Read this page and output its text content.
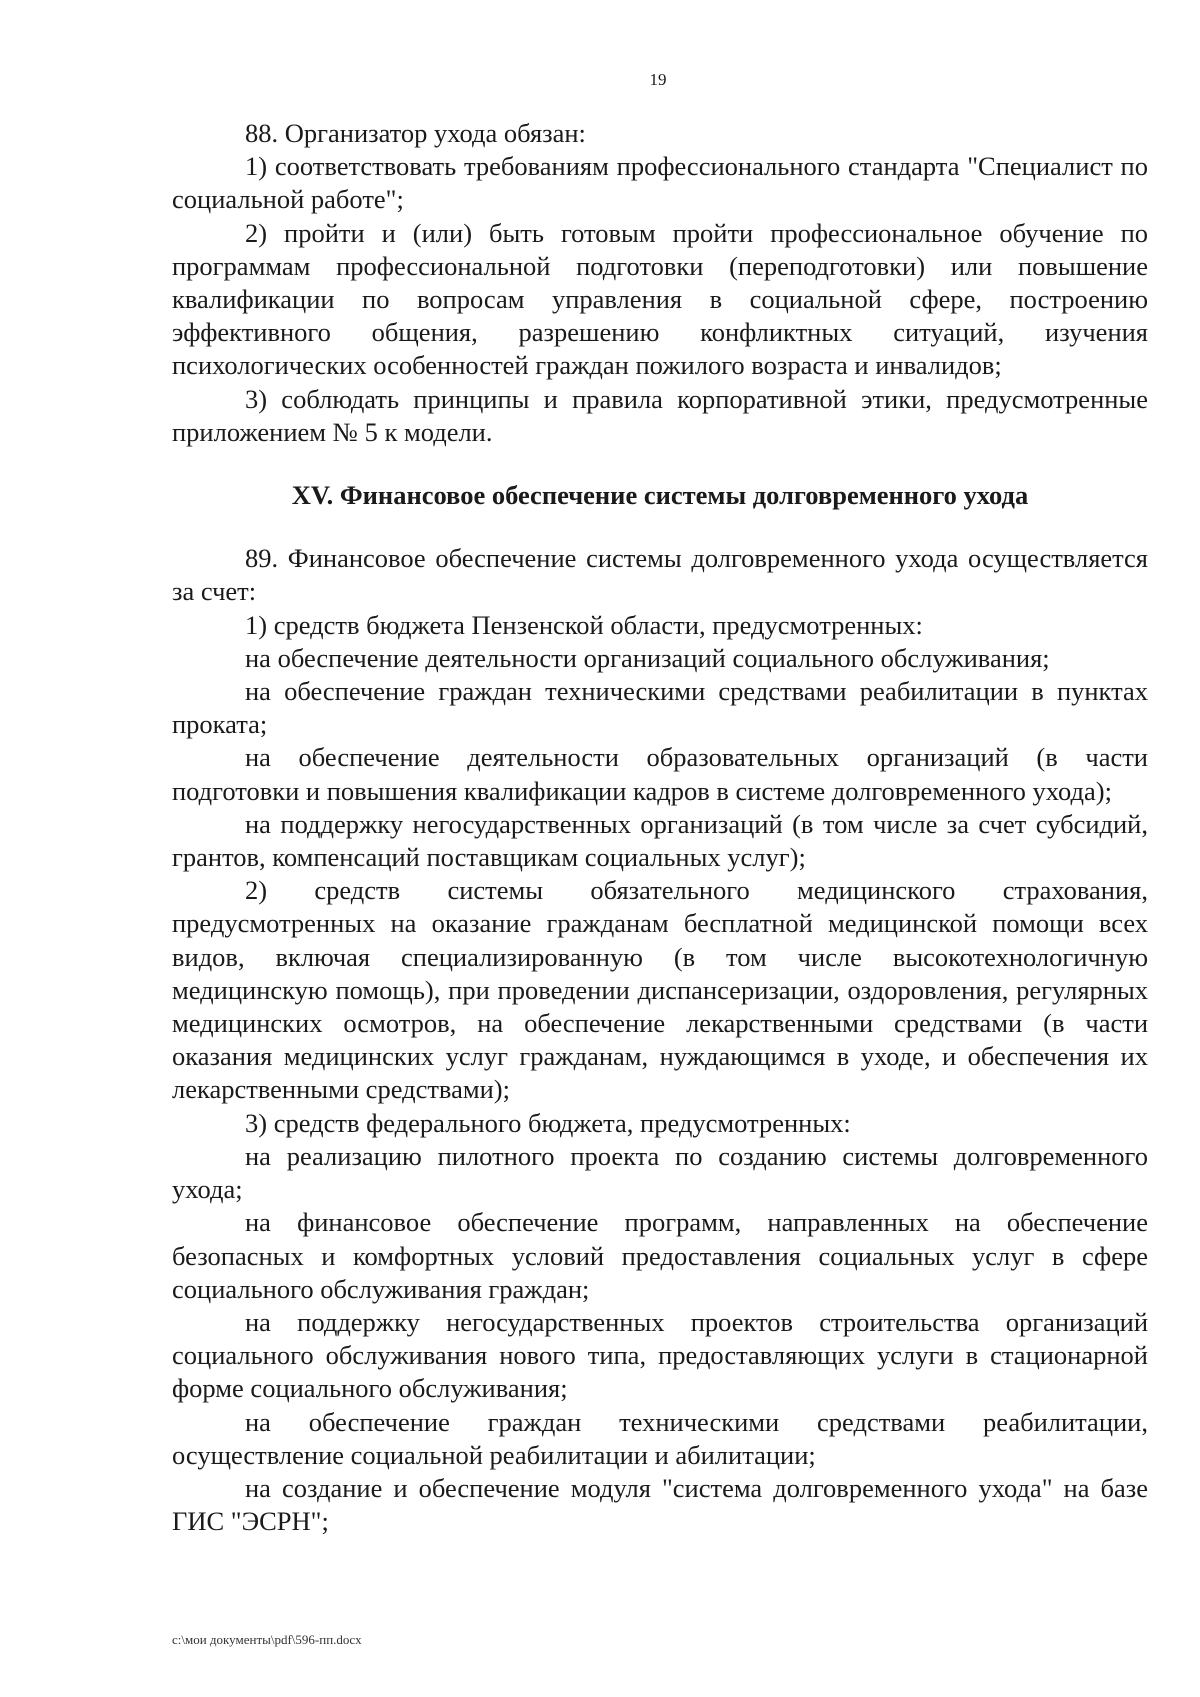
19

88. Организатор ухода обязан:

1) соответствовать требованиям профессионального стандарта "Специалист по социальной работе";

2) пройти и (или) быть готовым пройти профессиональное обучение по программам профессиональной подготовки (переподготовки) или повышение квалификации по вопросам управления в социальной сфере, построению эффективного общения, разрешению конфликтных ситуаций, изучения психологических особенностей граждан пожилого возраста и инвалидов;

3) соблюдать принципы и правила корпоративной этики, предусмотренные приложением № 5 к модели.

XV. Финансовое обеспечение системы долговременного ухода

89. Финансовое обеспечение системы долговременного ухода осуществляется за счет:

1) средств бюджета Пензенской области, предусмотренных:

на обеспечение деятельности организаций социального обслуживания;

на обеспечение граждан техническими средствами реабилитации в пунктах проката;

на обеспечение деятельности образовательных организаций (в части подготовки и повышения квалификации кадров в системе долговременного ухода);

на поддержку негосударственных организаций (в том числе за счет субсидий, грантов, компенсаций поставщикам социальных услуг);

2) средств системы обязательного медицинского страхования, предусмотренных на оказание гражданам бесплатной медицинской помощи всех видов, включая специализированную (в том числе высокотехнологичную медицинскую помощь), при проведении диспансеризации, оздоровления, регулярных медицинских осмотров, на обеспечение лекарственными средствами (в части оказания медицинских услуг гражданам, нуждающимся в уходе, и обеспечения их лекарственными средствами);

3) средств федерального бюджета, предусмотренных:

на реализацию пилотного проекта по созданию системы долговременного ухода;

на финансовое обеспечение программ, направленных на обеспечение безопасных и комфортных условий предоставления социальных услуг в сфере социального обслуживания граждан;

на поддержку негосударственных проектов строительства организаций социального обслуживания нового типа, предоставляющих услуги в стационарной форме социального обслуживания;

на обеспечение граждан техническими средствами реабилитации, осуществление социальной реабилитации и абилитации;

на создание и обеспечение модуля "система долговременного ухода" на базе ГИС "ЭСРН";

c:\мои документы\pdf\596-пп.docx
